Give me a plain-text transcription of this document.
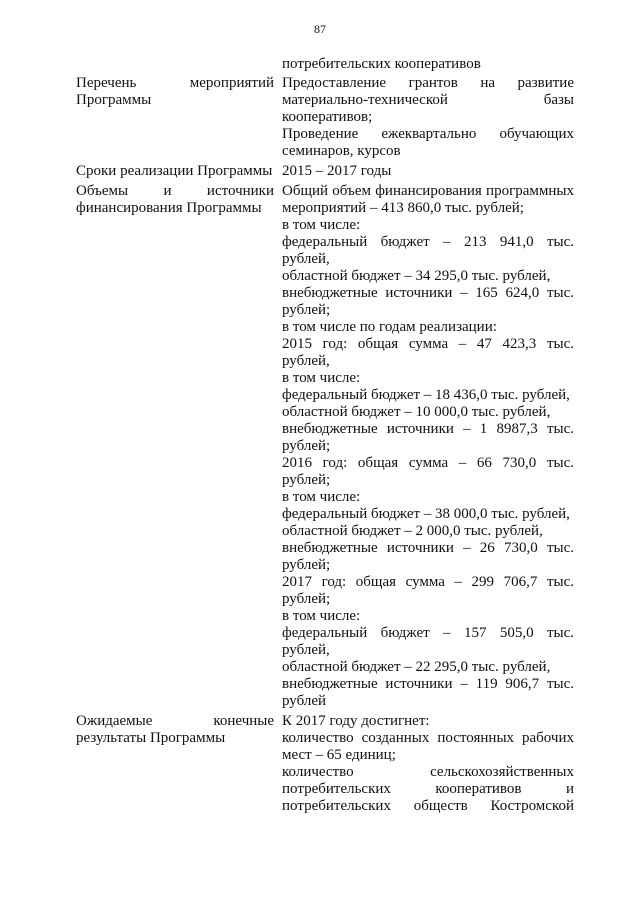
87
потребительских кооперативов
Перечень мероприятий
Программы
Предоставление грантов на развитие
материально-технической базы
кооперативов;
Проведение ежеквартально обучающих
семинаров, курсов
Сроки реализации Программы 2015 – 2017 годы
Объемы и источники
финансирования Программы
Общий объем финансирования программных
мероприятий – 413 860,0 тыс. рублей;
в том числе:
федеральный бюджет – 213 941,0 тыс.
рублей,
областной бюджет – 34 295,0 тыс. рублей,
внебюджетные источники – 165 624,0 тыс.
рублей;
в том числе по годам реализации:
2015 год: общая сумма – 47 423,3 тыс.
рублей,
в том числе:
федеральный бюджет – 18 436,0 тыс. рублей,
областной бюджет – 10 000,0 тыс. рублей,
внебюджетные источники – 1 8987,3 тыс.
рублей;
2016 год: общая сумма – 66 730,0 тыс.
рублей;
в том числе:
федеральный бюджет – 38 000,0 тыс. рублей,
областной бюджет – 2 000,0 тыс. рублей,
внебюджетные источники – 26 730,0 тыс.
рублей;
2017 год: общая сумма – 299 706,7 тыс.
рублей;
в том числе:
федеральный бюджет – 157 505,0 тыс.
рублей,
областной бюджет – 22 295,0 тыс. рублей,
внебюджетные источники – 119 906,7 тыс.
рублей
Ожидаемые конечные
результаты Программы
К 2017 году достигнет:
количество созданных постоянных рабочих
мест – 65 единиц;
количество сельскохозяйственных
потребительских кооперативов и
потребительских обществ Костромской
